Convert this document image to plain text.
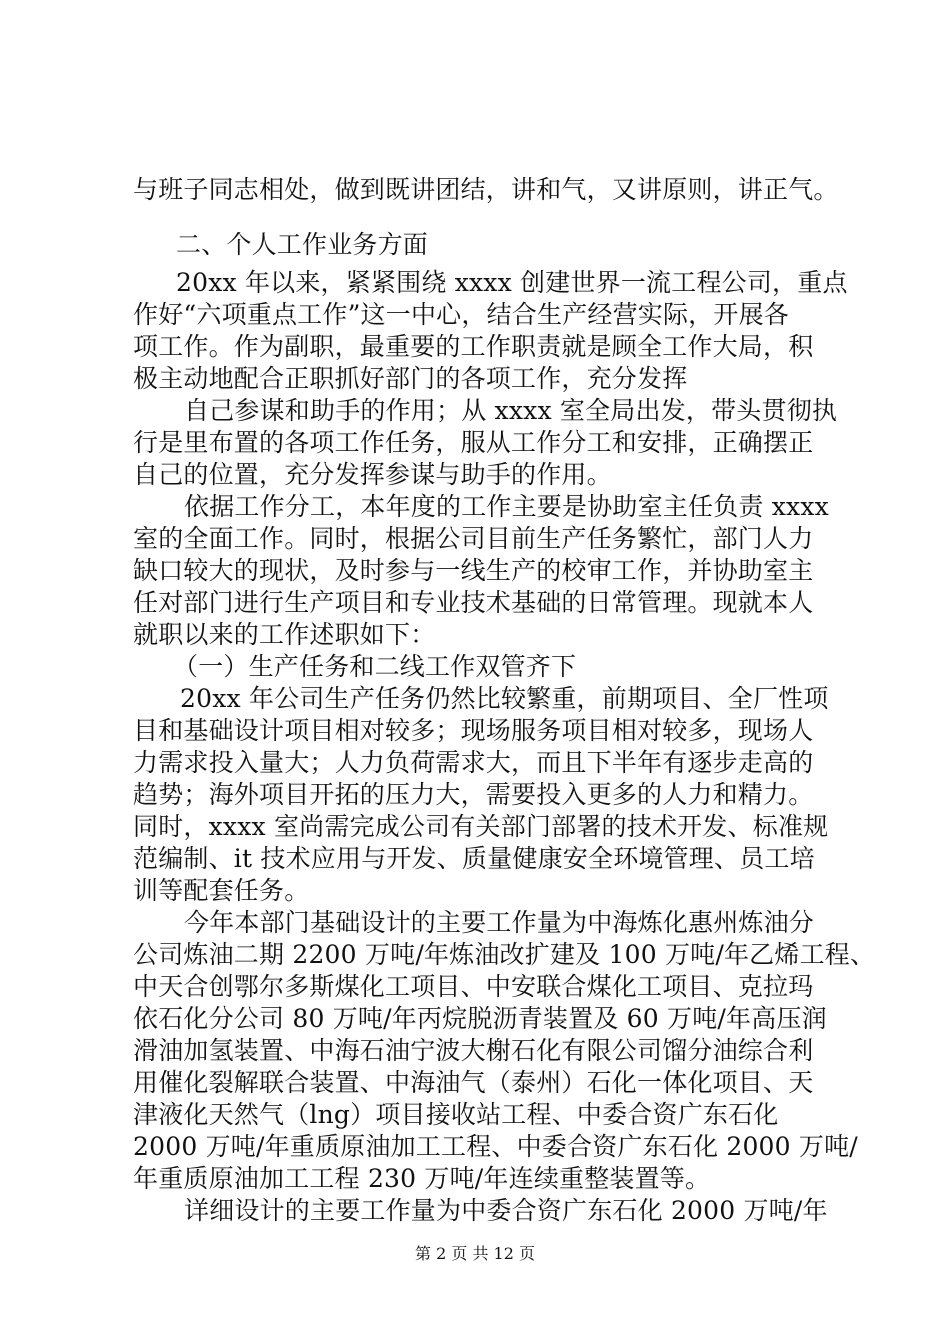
与班子同志相处，做到既讲团结，讲和气，又讲原则，讲正气。
二、个人工作业务方面
20xx 年以来，紧紧围绕 xxxx 创建世界一流工程公司，重点
作好“六项重点工作”这一中心，结合生产经营实际，开展各
项工作。作为副职，最重要的工作职责就是顾全工作大局，积
极主动地配合正职抓好部门的各项工作，充分发挥
自己参谋和助手的作用；从 xxxx 室全局出发，带头贯彻执
行是里布置的各项工作任务，服从工作分工和安排，正确摆正
自己的位置，充分发挥参谋与助手的作用。
依据工作分工，本年度的工作主要是协助室主任负责 xxxx
室的全面工作。同时，根据公司目前生产任务繁忙，部门人力
缺口较大的现状，及时参与一线生产的校审工作，并协助室主
任对部门进行生产项目和专业技术基础的日常管理。现就本人
就职以来的工作述职如下：
（一）生产任务和二线工作双管齐下
20xx 年公司生产任务仍然比较繁重，前期项目、全厂性项
目和基础设计项目相对较多；现场服务项目相对较多，现场人
力需求投入量大；人力负荷需求大，而且下半年有逐步走高的
趋势；海外项目开拓的压力大，需要投入更多的人力和精力。
同时，xxxx 室尚需完成公司有关部门部署的技术开发、标准规
范编制、it 技术应用与开发、质量健康安全环境管理、员工培
训等配套任务。
今年本部门基础设计的主要工作量为中海炼化惠州炼油分
公司炼油二期 2200 万吨/年炼油改扩建及 100 万吨/年乙烯工程、
中天合创鄂尔多斯煤化工项目、中安联合煤化工项目、克拉玛
依石化分公司 80 万吨/年丙烷脱沥青装置及 60 万吨/年高压润
滑油加氢装置、中海石油宁波大榭石化有限公司馏分油综合利
用催化裂解联合装置、中海油气（泰州）石化一体化项目、天
津液化天然气（lng）项目接收站工程、中委合资广东石化
2000 万吨/年重质原油加工工程、中委合资广东石化 2000 万吨/
年重质原油加工工程 230 万吨/年连续重整装置等。
详细设计的主要工作量为中委合资广东石化 2000 万吨/年
第 2 页 共 12 页
